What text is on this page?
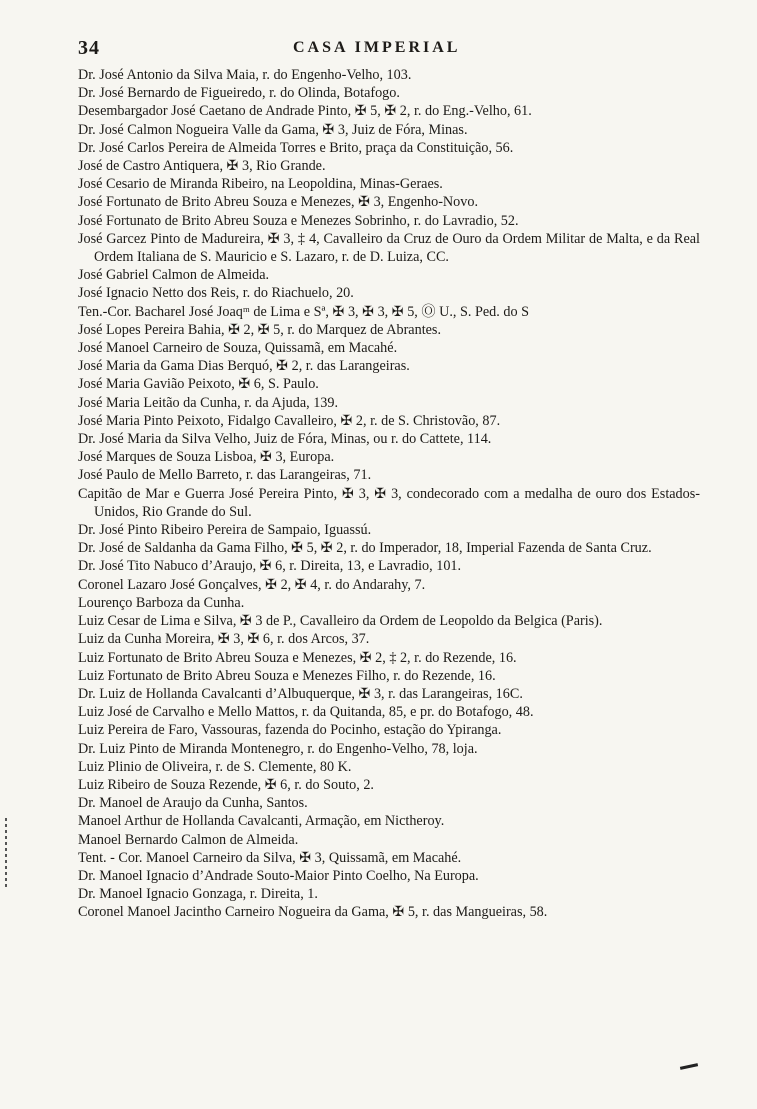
34	CASA IMPERIAL

Dr. José Antonio da Silva Maia, r. do Engenho-Velho, 103.

Dr. José Bernardo de Figueiredo, r. do Olinda, Botafogo.

Desembargador José Caetano de Andrade Pinto, ✠ 5, ✠ 2, r. do Eng.-Velho, 61.

Dr. José Calmon Nogueira Valle da Gama, ✠ 3, Juiz de Fóra, Minas.

Dr. José Carlos Pereira de Almeida Torres e Brito, praça da Constituição, 56.

José de Castro Antiquera, ✠ 3, Rio Grande.

José Cesario de Miranda Ribeiro, na Leopoldina, Minas-Geraes.

José Fortunato de Brito Abreu Souza e Menezes, ✠ 3, Engenho-Novo.

José Fortunato de Brito Abreu Souza e Menezes Sobrinho, r. do Lavradio, 52.

José Garcez Pinto de Madureira, ✠ 3, ‡ 4, Cavalleiro da Cruz de Ouro da Ordem Militar de Malta, e da Real Ordem Italiana de S. Mauricio e S. Lazaro, r. de D. Luiza, CC.

José Gabriel Calmon de Almeida.

José Ignacio Netto dos Reis, r. do Riachuelo, 20.

Ten.-Cor. Bacharel José Joaqᵐ de Lima e Sª, ✠ 3, ✠ 3, ✠ 5, Ⓞ U., S. Ped. do S

José Lopes Pereira Bahia, ✠ 2, ✠ 5, r. do Marquez de Abrantes.

José Manoel Carneiro de Souza, Quissamã, em Macahé.

José Maria da Gama Dias Berquó, ✠ 2, r. das Larangeiras.

José Maria Gavião Peixoto, ✠ 6, S. Paulo.

José Maria Leitão da Cunha, r. da Ajuda, 139.

José Maria Pinto Peixoto, Fidalgo Cavalleiro, ✠ 2, r. de S. Christovão, 87.

Dr. José Maria da Silva Velho, Juiz de Fóra, Minas, ou r. do Cattete, 114.

José Marques de Souza Lisboa, ✠ 3, Europa.

José Paulo de Mello Barreto, r. das Larangeiras, 71.

Capitão de Mar e Guerra José Pereira Pinto, ✠ 3, ✠ 3, condecorado com a medalha de ouro dos Estados-Unidos, Rio Grande do Sul.

Dr. José Pinto Ribeiro Pereira de Sampaio, Iguassú.

Dr. José de Saldanha da Gama Filho, ✠ 5, ✠ 2, r. do Imperador, 18, Imperial Fazenda de Santa Cruz.

Dr. José Tito Nabuco d’Araujo, ✠ 6, r. Direita, 13, e Lavradio, 101.

Coronel Lazaro José Gonçalves, ✠ 2, ✠ 4, r. do Andarahy, 7.

Lourenço Barboza da Cunha.

Luiz Cesar de Lima e Silva, ✠ 3 de P., Cavalleiro da Ordem de Leopoldo da Belgica (Paris).

Luiz da Cunha Moreira, ✠ 3, ✠ 6, r. dos Arcos, 37.

Luiz Fortunato de Brito Abreu Souza e Menezes, ✠ 2, ‡ 2, r. do Rezende, 16.

Luiz Fortunato de Brito Abreu Souza e Menezes Filho, r. do Rezende, 16.

Dr. Luiz de Hollanda Cavalcanti d’Albuquerque, ✠ 3, r. das Larangeiras, 16C.

Luiz José de Carvalho e Mello Mattos, r. da Quitanda, 85, e pr. do Botafogo, 48.

Luiz Pereira de Faro, Vassouras, fazenda do Pocinho, estação do Ypiranga.

Dr. Luiz Pinto de Miranda Montenegro, r. do Engenho-Velho, 78, loja.

Luiz Plinio de Oliveira, r. de S. Clemente, 80 K.

Luiz Ribeiro de Souza Rezende, ✠ 6, r. do Souto, 2.

Dr. Manoel de Araujo da Cunha, Santos.

Manoel Arthur de Hollanda Cavalcanti, Armação, em Nictheroy.

Manoel Bernardo Calmon de Almeida.

Tent. - Cor. Manoel Carneiro da Silva, ✠ 3, Quissamã, em Macahé.

Dr. Manoel Ignacio d’Andrade Souto-Maior Pinto Coelho, Na Europa.

Dr. Manoel Ignacio Gonzaga, r. Direita, 1.

Coronel Manoel Jacintho Carneiro Nogueira da Gama, ✠ 5, r. das Mangueiras, 58.
